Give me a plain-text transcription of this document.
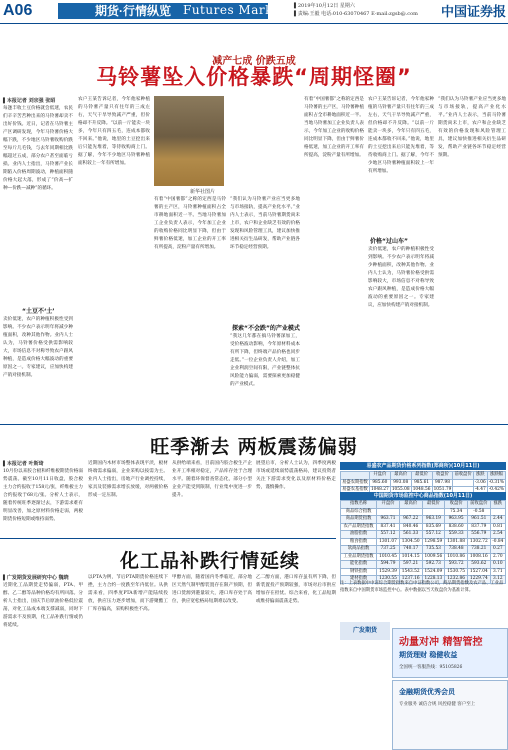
A06	期货·行情纵览 Futures Market ▌2019年10月12日 星期六
▌责编:王毅 电话:010-63070467 E-mail:zgsb@.com 中国证券报
减产七成 价跌五成
马铃薯坠入价格暴跌“周期怪圈”
新华社图片
▌本报记者 刘宗强 张昭
每逢丰收土豆价格就会低迷，农民们辛辛苦苦种出来的马铃薯却卖不出好价钱。近日，记者在马铃薯主产区调研发现，今年马铃薯价格大幅下跌，不少地区马铃薯收购价跌至每斤几毛钱，与去年同期相比跌幅超过五成，部分农户甚至面临亏损。业内人士指出，马铃薯产业长期陷入价格周期波动，种植面积随价格大起大落，形成了“价高—扩种—价跌—减种”的循环。
“土豆不‘土’
卖价低迷，农户的种植积极性受到影响。不少农户表示明年将减少种植面积，改种其他作物。业内人士认为，马铃薯价格受供需影响较大，市场信息不对称导致农户跟风种植，是造成价格大幅波动的重要原因之一。专家建议，应加快构建产销对接机制。
农户王某告诉记者，今年他家种植的马铃薯产量只有往年的三成左右，天气干旱导致减产严重，但价格却不升反降。“以前一斤能卖一块多，今年只有四五毛，连成本都收不回来。”他说，地里的土豆挖出来后只能先堆着，等待收购商上门。据了解，今年不少地区马铃薯种植面积较上一年有所增加。
有着“中国薯都”之称的定西是马铃薯的主产区，马铃薯种植面积占全市耕地面积近一半。当地马铃薯加工企业负责人表示，今年加工企业的收购价格同比明显下降，但由于鲜薯价格低迷，加工企业的开工率有所提高，淀粉产量有所增加。
“我们认为马铃薯产业应当更多地与市场接轨，提高产业化水平。”业内人士表示，当前马铃薯期货尚未上市，农户和企业缺乏有效的价格发现和风险管理工具，建议加快推进相关衍生品研发，帮助产业链各环节稳定经营预期。
探索“不会跌”的产业模式
“我这几年都在搞马铃薯深加工，受价格波动影响，今年原材料成本有所下降，但终端产品价格也同步走低。”一位企业负责人介绍，加工企业利润空间有限，产业链整体抗风险能力偏弱，需要探索更加稳健的产业模式。
有着“中国薯都”之称的定西是马铃薯的主产区，马铃薯种植面积占全市耕地面积近一半。当地马铃薯加工企业负责人表示，今年加工企业的收购价格同比明显下降，但由于鲜薯价格低迷，加工企业的开工率有所提高，淀粉产量有所增加。
价格“过山车”
农户王某告诉记者，今年他家种植的马铃薯产量只有往年的三成左右，天气干旱导致减产严重，但价格却不升反降。“以前一斤能卖一块多，今年只有四五毛，连成本都收不回来。”他说，地里的土豆挖出来后只能先堆着，等待收购商上门。据了解，今年不少地区马铃薯种植面积较上一年有所增加。
卖价低迷，农户的种植积极性受到影响。不少农户表示明年将减少种植面积，改种其他作物。业内人士认为，马铃薯价格受供需影响较大，市场信息不对称导致农户跟风种植，是造成价格大幅波动的重要原因之一。专家建议，应加快构建产销对接机制。
“我们认为马铃薯产业应当更多地与市场接轨，提高产业化水平。”业内人士表示，当前马铃薯期货尚未上市，农户和企业缺乏有效的价格发现和风险管理工具，建议加快推进相关衍生品研发，帮助产业链各环节稳定经营预期。
旺季渐去 两板震荡偏弱
▌本报记者 叶斯琦
10月份以来胶合板和纤维板期货价格弱势震荡。截至10月11日收盘，胶合板主力合约报收于158元/张，纤维板主力合约报收于68元/张。分析人士表示，随着传统旺季逐渐过去，下游需求难有明显改善，加之原材料价格走弱，两板期货价格短期或维持弱势。
近期国内木材市场整体表现平淡，板材终端需求偏弱，企业采购以按需为主。业内人士指出，房地产行业调控持续，家具及装修需求增长放缓，对两板价格形成一定压制。
从供给端来看，目前国内胶合板生产企业开工率相对稳定，产品库存处于合理水平。随着环保督查常态化，部分小型企业产能受到限制，行业集中度进一步提升。
展望后市，分析人士认为，四季度两板市场或延续弱势震荡格局，建议投资者关注下游需求变化以及原材料价格走势，谨慎操作。
易盛农产品期货价格系列指数(郑商所)(10月11日)
	开盘价	最高价	最低价	收盘价	前收盘价	涨跌	涨跌幅
易盛农期指数	985.60	993.08	985.61	987.98		-3.06	-0.31%
易盛农基指数	1048.27	1055.08	1048.56	1051.79		-4.47	-0.42%
中国期货市场监控中心商品指数(10月11日)
指数名称	开盘价	最高价	最低价	收盘价	前收盘价	涨跌
商品综合指数				75.34	-0.58	
商品期货指数	963.71	967.22	963.19	963.95	961.51	2.44
农产品期货指数	837.41	840.46	835.69	838.60	837.79	0.81
油脂指数	557.12	561.33	557.12	559.33	556.79	2.54
粮食指数	1301.07	1304.50	1298.59	1301.88	1302.72	-0.84
软商品指数	737.25	740.17	735.53	738.48	738.21	0.27
工业品期货指数	1010.45	1014.15	1009.56	1010.86	1008.16	2.70
能化指数	594.79	597.21	592.73	593.72	593.62	0.10
钢铁指数	1529.39	1543.52	1524.09	1530.75	1527.04	3.71
建材指数	1230.55	1237.16	1228.13	1232.86	1229.74	3.12
注：上表数据中中证综合期货指数来自中证指数公司，商品期货指数及农产品、工业品指数来自中国期货市场监控中心。表中数据以当天收盘价为基准计算。
化工品补跌行情延续
▌广发期货发展研究中心 魏晓
近期化工品期货走势偏弱，PTA、甲醇、乙二醇等品种价格均有所回落。分析人士指出，国庆节后原油价格低位震荡，对化工品成本端支撑减弱，同时下游需求不及预期，化工品补跌行情或仍将延续。
以PTA为例，节后PTA期货价格连续下挫，主力合约一度跌至年内低位。从供需来看，四季度PTA新增产能陆续投放，供应压力逐步增加，而下游聚酯工厂库存偏高，采购积极性不高。
甲醇方面，随着国内冬季临近，部分地区天然气制甲醇装置存在限产预期，但进口货源到港量较大，港口库存处于高位，供应宽松格局短期难以改变。
乙二醇方面，港口库存虽有所下降，但新装置投产预期较强，市场对后市供应增加存在担忧。综合来看，化工品短期或维持偏弱震荡走势。
广发期货
动量对冲 精智管控
期货理财 稳健收益
全国统一客服热线：95105826
金融期货优秀会员
专业服务 诚信合规 风控稳健 客户至上
